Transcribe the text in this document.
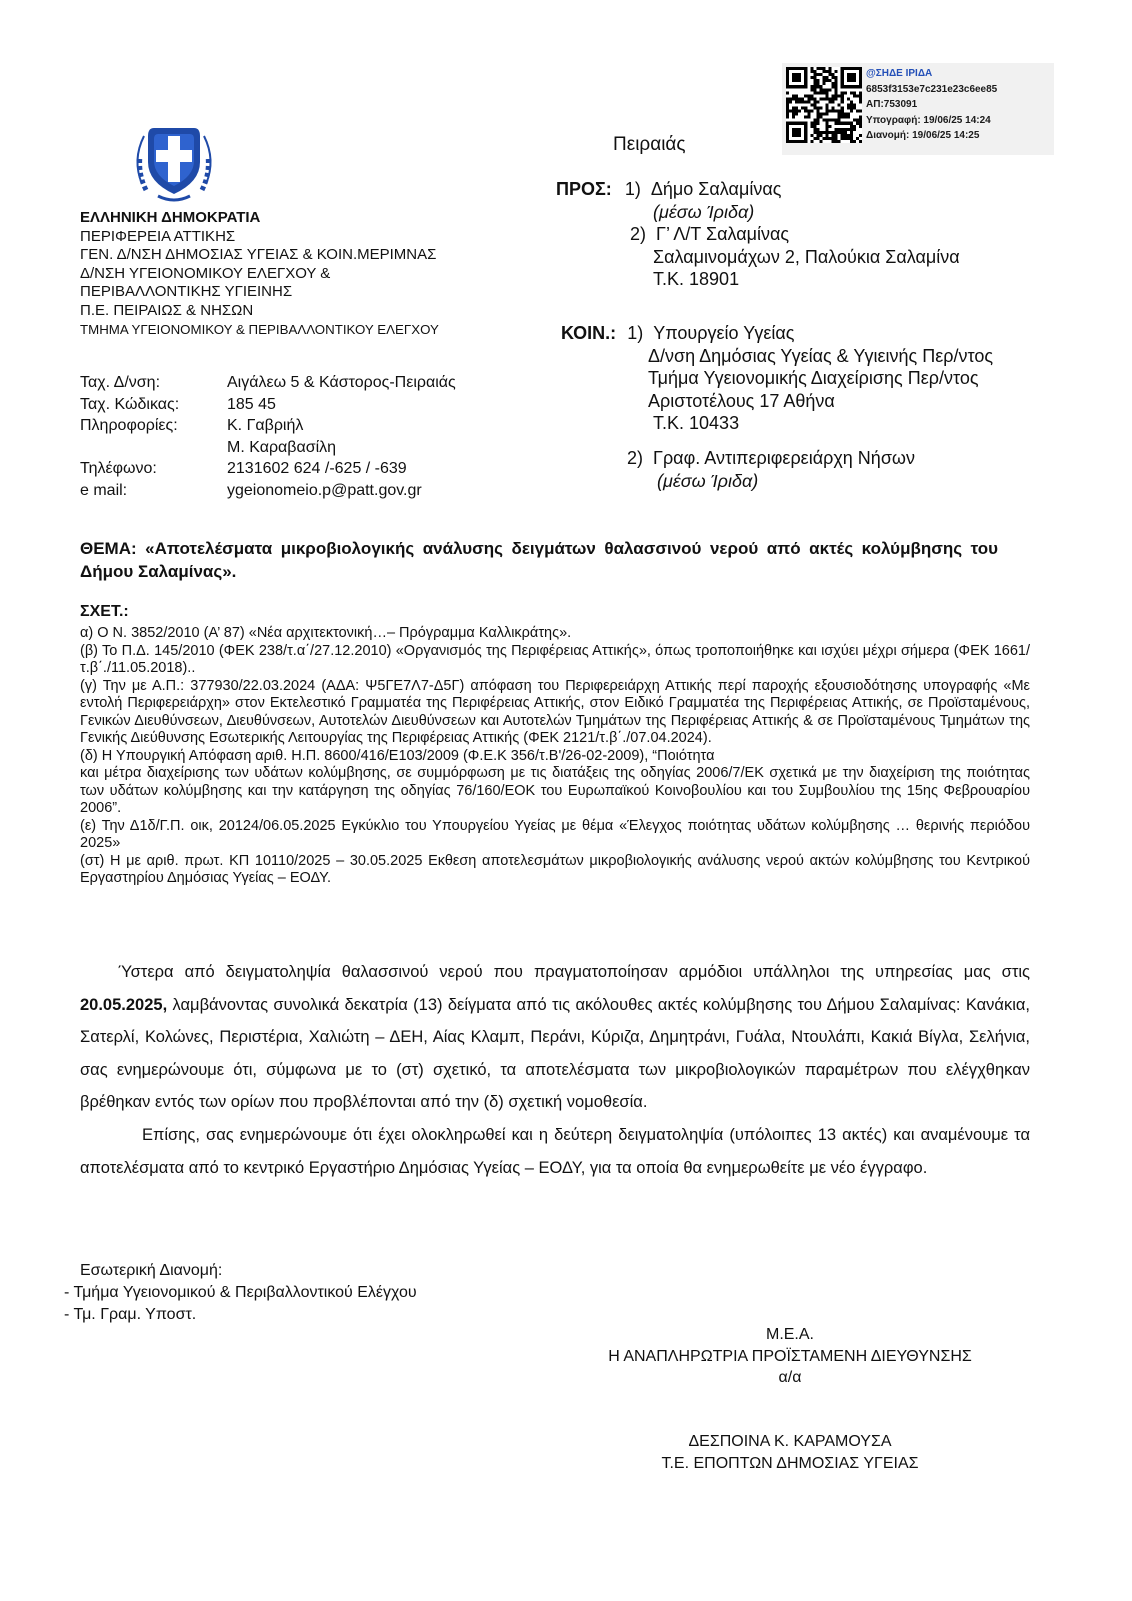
ΕΛΛΗΝΙΚΗ ΔΗΜΟΚΡΑΤΙΑ
ΠΕΡΙΦΕΡΕΙΑ ΑΤΤΙΚΗΣ
ΓΕΝ. Δ/ΝΣΗ ΔΗΜΟΣΙΑΣ ΥΓΕΙΑΣ & ΚΟΙΝ.ΜΕΡΙΜΝΑΣ
Δ/ΝΣΗ ΥΓΕΙΟΝΟΜΙΚΟΥ ΕΛΕΓΧΟΥ &
ΠΕΡΙΒΑΛΛΟΝΤΙΚΗΣ ΥΓΙΕΙΝΗΣ
Π.Ε. ΠΕΙΡΑΙΩΣ & ΝΗΣΩΝ
ΤΜΗΜΑ ΥΓΕΙΟΝΟΜΙΚΟΥ & ΠΕΡΙΒΑΛΛΟΝΤΙΚΟΥ ΕΛΕΓΧΟΥ
Ταχ. Δ/νση:	Αιγάλεω 5 & Κάστορος-Πειραιάς
Ταχ. Κώδικας:	185 45
Πληροφορίες:	Κ. Γαβριήλ
Μ. Καραβασίλη
Τηλέφωνο:	2131602 624 /-625 / -639
e mail:	ygeionomeio.p@patt.gov.gr
@ΣΗΔΕ ΙΡΙΔΑ
6853f3153e7c231e23c6ee85
ΑΠ:753091
Υπογραφή: 19/06/25 14:24
Διανομή: 19/06/25 14:25
Πειραιάς
ΠΡΟΣ: 1) Δήμο Σαλαμίνας
(μέσω Ίριδα)
2) Γ’ Λ/Τ Σαλαμίνας
Σαλαμινομάχων 2, Παλούκια Σαλαμίνα
Τ.Κ. 18901
ΚΟΙΝ.: 1) Υπουργείο Υγείας
Δ/νση Δημόσιας Υγείας & Υγιεινής Περ/ντος
Τμήμα Υγειονομικής Διαχείρισης Περ/ντος
Αριστοτέλους 17 Αθήνα
Τ.Κ. 10433
2) Γραφ. Αντιπεριφερειάρχη Νήσων
(μέσω Ίριδα)
ΘΕΜΑ: «Αποτελέσματα μικροβιολογικής ανάλυσης δειγμάτων θαλασσινού νερού από ακτές κολύμβησης του Δήμου Σαλαμίνας».
ΣΧΕΤ.:

α) Ο Ν. 3852/2010 (Α’ 87) «Νέα αρχιτεκτονική…– Πρόγραμμα Καλλικράτης».

(β) Το Π.Δ. 145/2010 (ΦΕΚ 238/τ.α΄/27.12.2010) «Οργανισμός της Περιφέρειας Αττικής», όπως τροποποιήθηκε και ισχύει μέχρι σήμερα (ΦΕΚ 1661/τ.β΄./11.05.2018)..

(γ) Την με Α.Π.: 377930/22.03.2024 (ΑΔΑ: Ψ5ΓΕ7Λ7-Δ5Γ) απόφαση του Περιφερειάρχη Αττικής περί παροχής εξουσιοδότησης υπογραφής «Με εντολή Περιφερειάρχη» στον Εκτελεστικό Γραμματέα της Περιφέρειας Αττικής, στον Ειδικό Γραμματέα της Περιφέρειας Αττικής, σε Προϊσταμένους, Γενικών Διευθύνσεων, Διευθύνσεων, Αυτοτελών Διευθύνσεων και Αυτοτελών Τμημάτων της Περιφέρειας Αττικής & σε Προϊσταμένους Τμημάτων της Γενικής Διεύθυνσης Εσωτερικής Λειτουργίας της Περιφέρειας Αττικής (ΦΕΚ 2121/τ.β΄./07.04.2024).

(δ) Η Υπουργική Απόφαση αριθ. Η.Π. 8600/416/Ε103/2009 (Φ.Ε.Κ 356/τ.Β'/26-02-2009), “Ποιότητα

και μέτρα διαχείρισης των υδάτων κολύμβησης, σε συμμόρφωση με τις διατάξεις της οδηγίας 2006/7/ΕΚ σχετικά με την διαχείριση της ποιότητας των υδάτων κολύμβησης και την κατάργηση της οδηγίας 76/160/ΕΟΚ του Ευρωπαϊκού Κοινοβουλίου και του Συμβουλίου της 15ης Φεβρουαρίου 2006”.

(ε) Την Δ1δ/Γ.Π. οικ, 20124/06.05.2025 Εγκύκλιο του Υπουργείου Υγείας με θέμα «Έλεγχος ποιότητας υδάτων κολύμβησης … θερινής περιόδου 2025»

(στ) Η με αριθ. πρωτ. ΚΠ 10110/2025 – 30.05.2025 Εκθεση αποτελεσμάτων μικροβιολογικής ανάλυσης νερού ακτών κολύμβησης του Κεντρικού Εργαστηρίου Δημόσιας Υγείας – ΕΟΔΥ.

Ύστερα από δειγματοληψία θαλασσινού νερού που πραγματοποίησαν αρμόδιοι υπάλληλοι της υπηρεσίας μας στις 20.05.2025, λαμβάνοντας συνολικά δεκατρία (13) δείγματα από τις ακόλουθες ακτές κολύμβησης του Δήμου Σαλαμίνας: Κανάκια, Σατερλί, Κολώνες, Περιστέρια, Χαλιώτη – ΔΕΗ, Αίας Κλαμπ, Περάνι, Κύριζα, Δημητράνι, Γυάλα, Ντουλάπι, Κακιά Βίγλα, Σελήνια, σας ενημερώνουμε ότι, σύμφωνα με το (στ) σχετικό, τα αποτελέσματα των μικροβιολογικών παραμέτρων που ελέγχθηκαν βρέθηκαν εντός των ορίων που προβλέπονται από την (δ) σχετική νομοθεσία.

Επίσης, σας ενημερώνουμε ότι έχει ολοκληρωθεί και η δεύτερη δειγματοληψία (υπόλοιπες 13 ακτές) και αναμένουμε τα αποτελέσματα από το κεντρικό Εργαστήριο Δημόσιας Υγείας – ΕΟΔΥ, για τα οποία θα ενημερωθείτε με νέο έγγραφο.

Εσωτερική Διανομή:
- Τμήμα Υγειονομικού & Περιβαλλοντικού Ελέγχου
- Τμ. Γραμ. Υποστ.
Μ.Ε.Α.
Η ΑΝΑΠΛΗΡΩΤΡΙΑ ΠΡΟΪΣΤΑΜΕΝΗ ΔΙΕΥΘΥΝΣΗΣ
α/α
ΔΕΣΠΟΙΝΑ Κ. ΚΑΡΑΜΟΥΣΑ
Τ.Ε. ΕΠΟΠΤΩΝ ΔΗΜΟΣΙΑΣ ΥΓΕΙΑΣ
